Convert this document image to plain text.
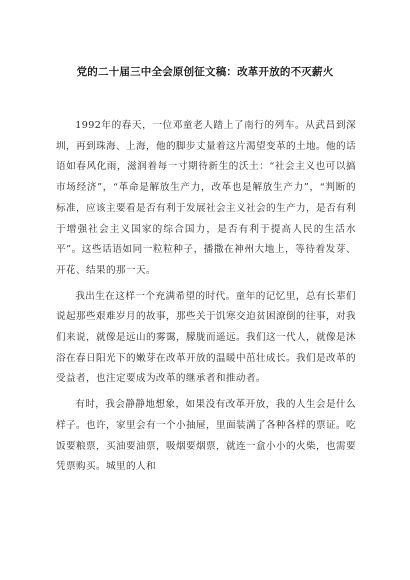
党的二十届三中全会原创征文稿：改革开放的不灭薪火

1992年的春天，一位邓童老人踏上了南行的列车。从武昌到深圳，再到珠海、上海，他的脚步丈量着这片渴望变革的土地。他的话语如春风化雨，滋润着每一寸期待新生的沃土：“社会主义也可以搞市场经济”，“革命是解放生产力，改革也是解放生产力”，“判断的标准，应该主要看是否有利于发展社会主义社会的生产力，是否有利于增强社会主义国家的综合国力，是否有利于提高人民的生活水平”。这些话语如同一粒粒种子，播撒在神州大地上，等待着发芽、开花、结果的那一天。

我出生在这样一个充满希望的时代。童年的记忆里，总有长辈们说起那些艰难岁月的故事，那些关于饥寒交迫贫困潦倒的往事，对我们来说，就像是远山的雾霭，朦胧而遥远。我们这一代人，就像是沐浴在春日阳光下的嫩芽在改革开放的温暖中茁壮成长。我们是改革的受益者，也注定要成为改革的继承者和推动者。

有时，我会静静地想象，如果没有改革开放，我的人生会是什么样子。也许，家里会有一个小抽屉，里面装满了各种各样的票证。吃饭要粮票，买油要油票，吸烟要烟票，就连一盒小小的火柴，也需要凭票购买。城里的人和
